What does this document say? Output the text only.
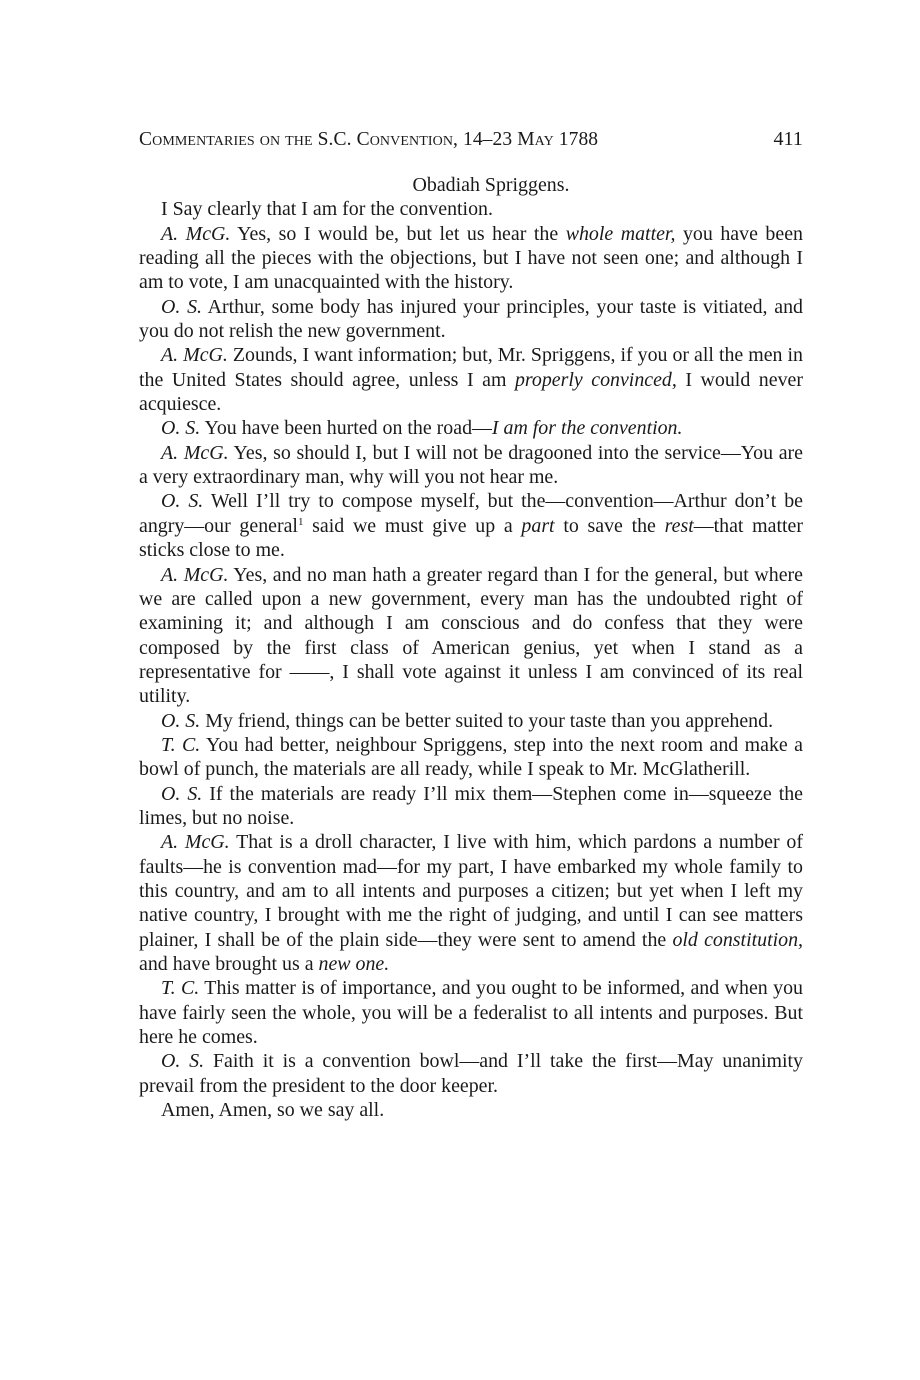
Commentaries on the S.C. Convention, 14–23 May 1788	411
Obadiah Spriggens.

I Say clearly that I am for the convention.

A. McG. Yes, so I would be, but let us hear the whole matter, you have been reading all the pieces with the objections, but I have not seen one; and although I am to vote, I am unacquainted with the history.

O. S. Arthur, some body has injured your principles, your taste is vitiated, and you do not relish the new government.

A. McG. Zounds, I want information; but, Mr. Spriggens, if you or all the men in the United States should agree, unless I am properly convinced, I would never acquiesce.

O. S. You have been hurted on the road—I am for the convention.

A. McG. Yes, so should I, but I will not be dragooned into the service—You are a very extraordinary man, why will you not hear me.

O. S. Well I’ll try to compose myself, but the—convention—Arthur don’t be angry—our general$^1$ said we must give up a part to save the rest—that matter sticks close to me.

A. McG. Yes, and no man hath a greater regard than I for the general, but where we are called upon a new government, every man has the undoubted right of examining it; and although I am conscious and do confess that they were composed by the first class of American genius, yet when I stand as a representative for ——, I shall vote against it unless I am convinced of its real utility.

O. S. My friend, things can be better suited to your taste than you apprehend.

T. C. You had better, neighbour Spriggens, step into the next room and make a bowl of punch, the materials are all ready, while I speak to Mr. McGlatherill.

O. S. If the materials are ready I’ll mix them—Stephen come in—squeeze the limes, but no noise.

A. McG. That is a droll character, I live with him, which pardons a number of faults—he is convention mad—for my part, I have embarked my whole family to this country, and am to all intents and purposes a citizen; but yet when I left my native country, I brought with me the right of judging, and until I can see matters plainer, I shall be of the plain side—they were sent to amend the old constitution, and have brought us a new one.

T. C. This matter is of importance, and you ought to be informed, and when you have fairly seen the whole, you will be a federalist to all intents and purposes. But here he comes.

O. S. Faith it is a convention bowl—and I’ll take the first—May unanimity prevail from the president to the door keeper.

Amen, Amen, so we say all.
